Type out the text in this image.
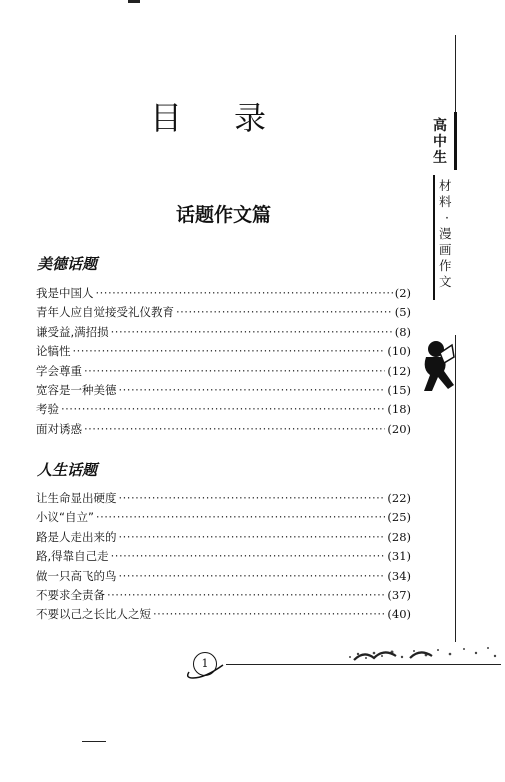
目录
话题作文篇
美德话题
我是中国人 ·····	(2)
青年人应自觉接受礼仪教育 ·····	(5)
谦受益,满招损 ·····	(8)
论犒性 ·····	(10)
学会尊重 ·····	(12)
宽容是一种美德 ·····	(15)
考验 ·····	(18)
面对诱惑 ·····	(20)
人生话题
让生命显出硬度 ·····	(22)
小议“自立” ·····	(25)
路是人走出来的 ·····	(28)
路,得靠自己走 ·····	(31)
做一只高飞的鸟 ·····	(34)
不要求全责备 ·····	(37)
不要以己之长比人之短 ·····	(40)
高
中
生
材
料
·
漫
画
作
文
1
